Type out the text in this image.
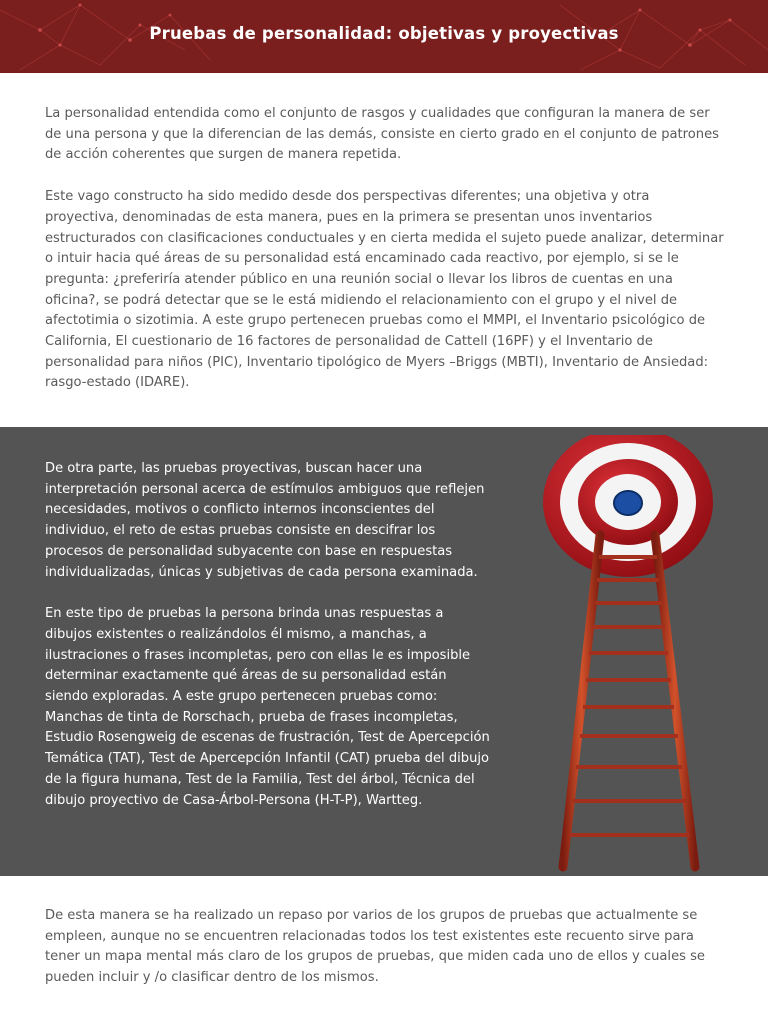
Pruebas de personalidad: objetivas y proyectivas

La personalidad entendida como el conjunto de rasgos y cualidades que configuran la manera de ser de una persona y que la diferencian de las demás, consiste en cierto grado en el conjunto de patrones de acción coherentes que surgen de manera repetida.

Este vago constructo ha sido medido desde dos perspectivas diferentes; una objetiva y otra proyectiva, denominadas de esta manera, pues en la primera se presentan unos inventarios estructurados con clasificaciones conductuales y en cierta medida el sujeto puede analizar, determinar o intuir hacia qué áreas de su personalidad está encaminado cada reactivo, por ejemplo, si se le pregunta: ¿preferiría atender público en una reunión social o llevar los libros de cuentas en una oficina?, se podrá detectar que se le está midiendo el relacionamiento con el grupo y el nivel de afectotimia o sizotimia. A este grupo pertenecen pruebas como el MMPI, el Inventario psicológico de California, El cuestionario de 16 factores de personalidad de Cattell (16PF) y el Inventario de personalidad para niños (PIC), Inventario tipológico de Myers –Briggs (MBTI), Inventario de Ansiedad: rasgo-estado (IDARE).

De otra parte, las pruebas proyectivas, buscan hacer una interpretación personal acerca de estímulos ambiguos que reflejen necesidades, motivos o conflicto internos inconscientes del individuo, el reto de estas pruebas consiste en descifrar los procesos de personalidad subyacente con base en respuestas individualizadas, únicas y subjetivas de cada persona examinada.

En este tipo de pruebas la persona brinda unas respuestas a dibujos existentes o realizándolos él mismo, a manchas, a ilustraciones o frases incompletas, pero con ellas le es imposible determinar exactamente qué áreas de su personalidad están siendo exploradas. A este grupo pertenecen pruebas como: Manchas de tinta de Rorschach, prueba de frases incompletas, Estudio Rosengweig de escenas de frustración, Test de Apercepción Temática (TAT), Test de Apercepción Infantil (CAT) prueba del dibujo de la figura humana, Test de la Familia, Test del árbol, Técnica del dibujo proyectivo de Casa-Árbol-Persona (H-T-P), Wartteg.

De esta manera se ha realizado un repaso por varios de los grupos de pruebas que actualmente se empleen, aunque no se encuentren relacionadas todos los test existentes este recuento sirve para tener un mapa mental más claro de los grupos de pruebas, que miden cada uno de ellos y cuales se pueden incluir y /o clasificar dentro de los mismos.
